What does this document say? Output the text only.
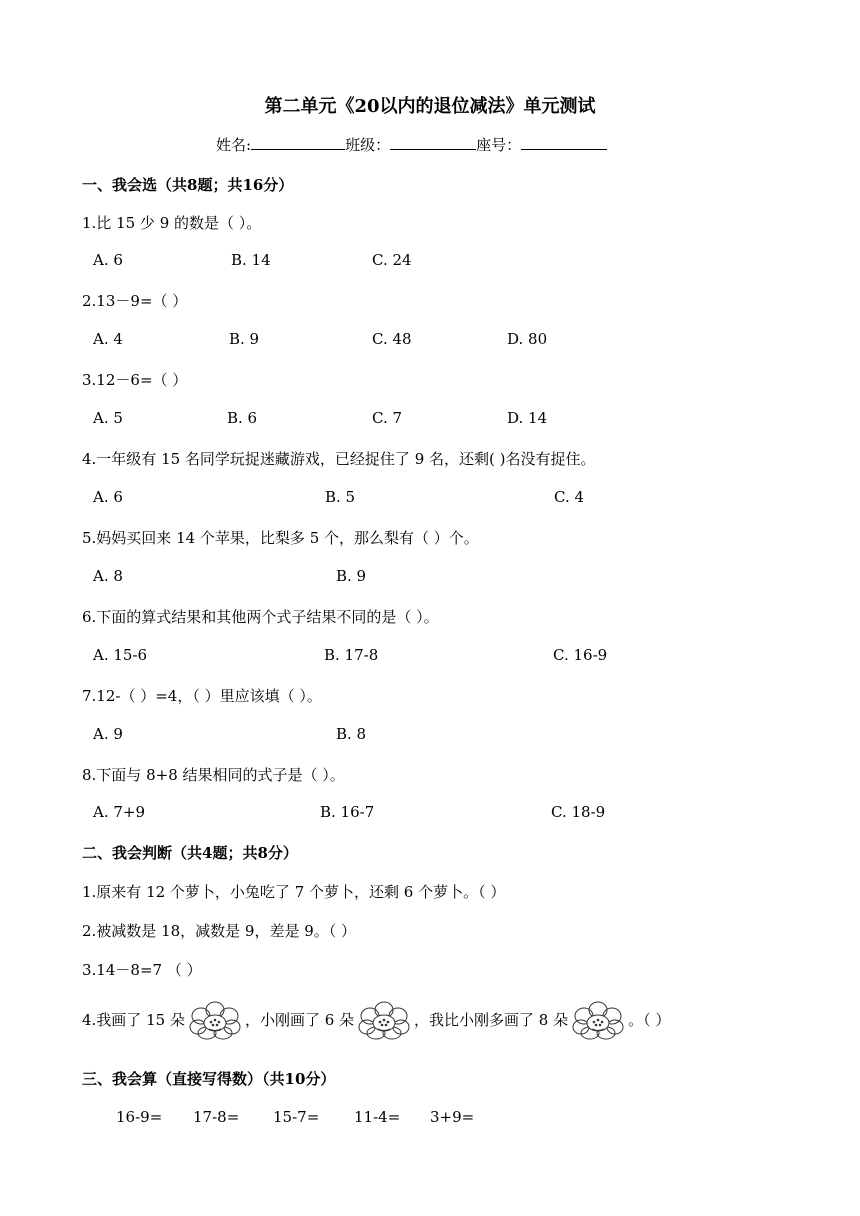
第二单元《20以内的退位减法》单元测试
姓名:	班级：	座号：
一、我会选（共8题；共16分）
1.比 15 少 9 的数是（ ）。
A. 6	B. 14	C. 24
2.13－9=（ ）
A. 4	B. 9	C. 48	D. 80
3.12－6=（ ）
A. 5	B. 6	C. 7	D. 14
4.一年级有 15 名同学玩捉迷藏游戏，已经捉住了 9 名，还剩( )名没有捉住。
A. 6	B. 5	C. 4
5.妈妈买回来 14 个苹果，比梨多 5 个，那么梨有（ ）个。
A. 8	B. 9
6.下面的算式结果和其他两个式子结果不同的是（ ）。
A. 15-6	B. 17-8	C. 16-9
7.12-（ ）=4，（ ）里应该填（ ）。
A. 9	B. 8
8.下面与 8+8 结果相同的式子是（ ）。
A. 7+9	B. 16-7	C. 18-9
二、我会判断（共4题；共8分）
1.原来有 12 个萝卜，小兔吃了 7 个萝卜，还剩 6 个萝卜。（ ）
2.被减数是 18，减数是 9，差是 9。（ ）
3.14－8=7 （ ）
4.我画了 15 朵	，小刚画了 6 朵	，我比小刚多画了 8 朵	。（ ）
三、我会算（直接写得数）（共10分）
16-9= 17-8= 15-7= 11-4= 3+9=
